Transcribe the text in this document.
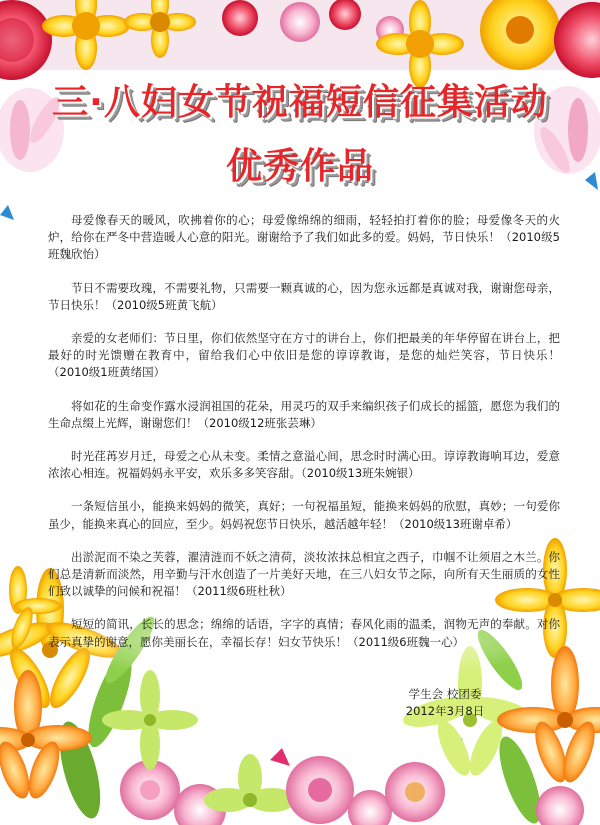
三·八妇女节祝福短信征集活动
优秀作品

母爱像春天的暖风，吹拂着你的心；母爱像绵绵的细雨，轻轻拍打着你的脸；母爱像冬天的火炉，给你在严冬中营造暖人心意的阳光。谢谢给予了我们如此多的爱。妈妈，节日快乐！（2010级5班魏欣怡）

节日不需要玫瑰，不需要礼物，只需要一颗真诚的心，因为您永远都是真诚对我，谢谢您母亲，节日快乐！（2010级5班黄飞航）

亲爱的女老师们：节日里，你们依然坚守在方寸的讲台上，你们把最美的年华停留在讲台上，把最好的时光馈赠在教育中，留给我们心中依旧是您的谆谆教诲，是您的灿烂笑容，节日快乐！（2010级1班黄绪国）

将如花的生命变作露水浸润祖国的花朵，用灵巧的双手来编织孩子们成长的摇篮，愿您为我们的生命点缀上光辉，谢谢您们！（2010级12班张芸琳）

时光荏苒岁月迁，母爱之心从未变。柔情之意溢心间，思念时时满心田。谆谆教诲响耳边，爱意浓浓心相连。祝福妈妈永平安，欢乐多多笑容甜。（2010级13班朱婉银）

一条短信虽小，能换来妈妈的微笑，真好；一句祝福虽短，能换来妈妈的欣慰，真妙；一句爱你虽少，能换来真心的回应，至少。妈妈祝您节日快乐，越活越年轻！（2010级13班谢卓希）

出淤泥而不染之芙蓉，濯清涟而不妖之清荷，淡妆浓抹总相宜之西子，巾帼不让须眉之木兰。你们总是清新而淡然，用辛勤与汗水创造了一片美好天地，在三八妇女节之际，向所有天生丽质的女性们致以诚挚的问候和祝福！（2011级6班杜秋）

短短的简讯，长长的思念；绵绵的话语，字字的真情；春风化雨的温柔，润物无声的奉献。对你表示真挚的谢意，愿你美丽长在，幸福长存！妇女节快乐！（2011级6班魏一心）

学生会 校团委
2012年3月8日
